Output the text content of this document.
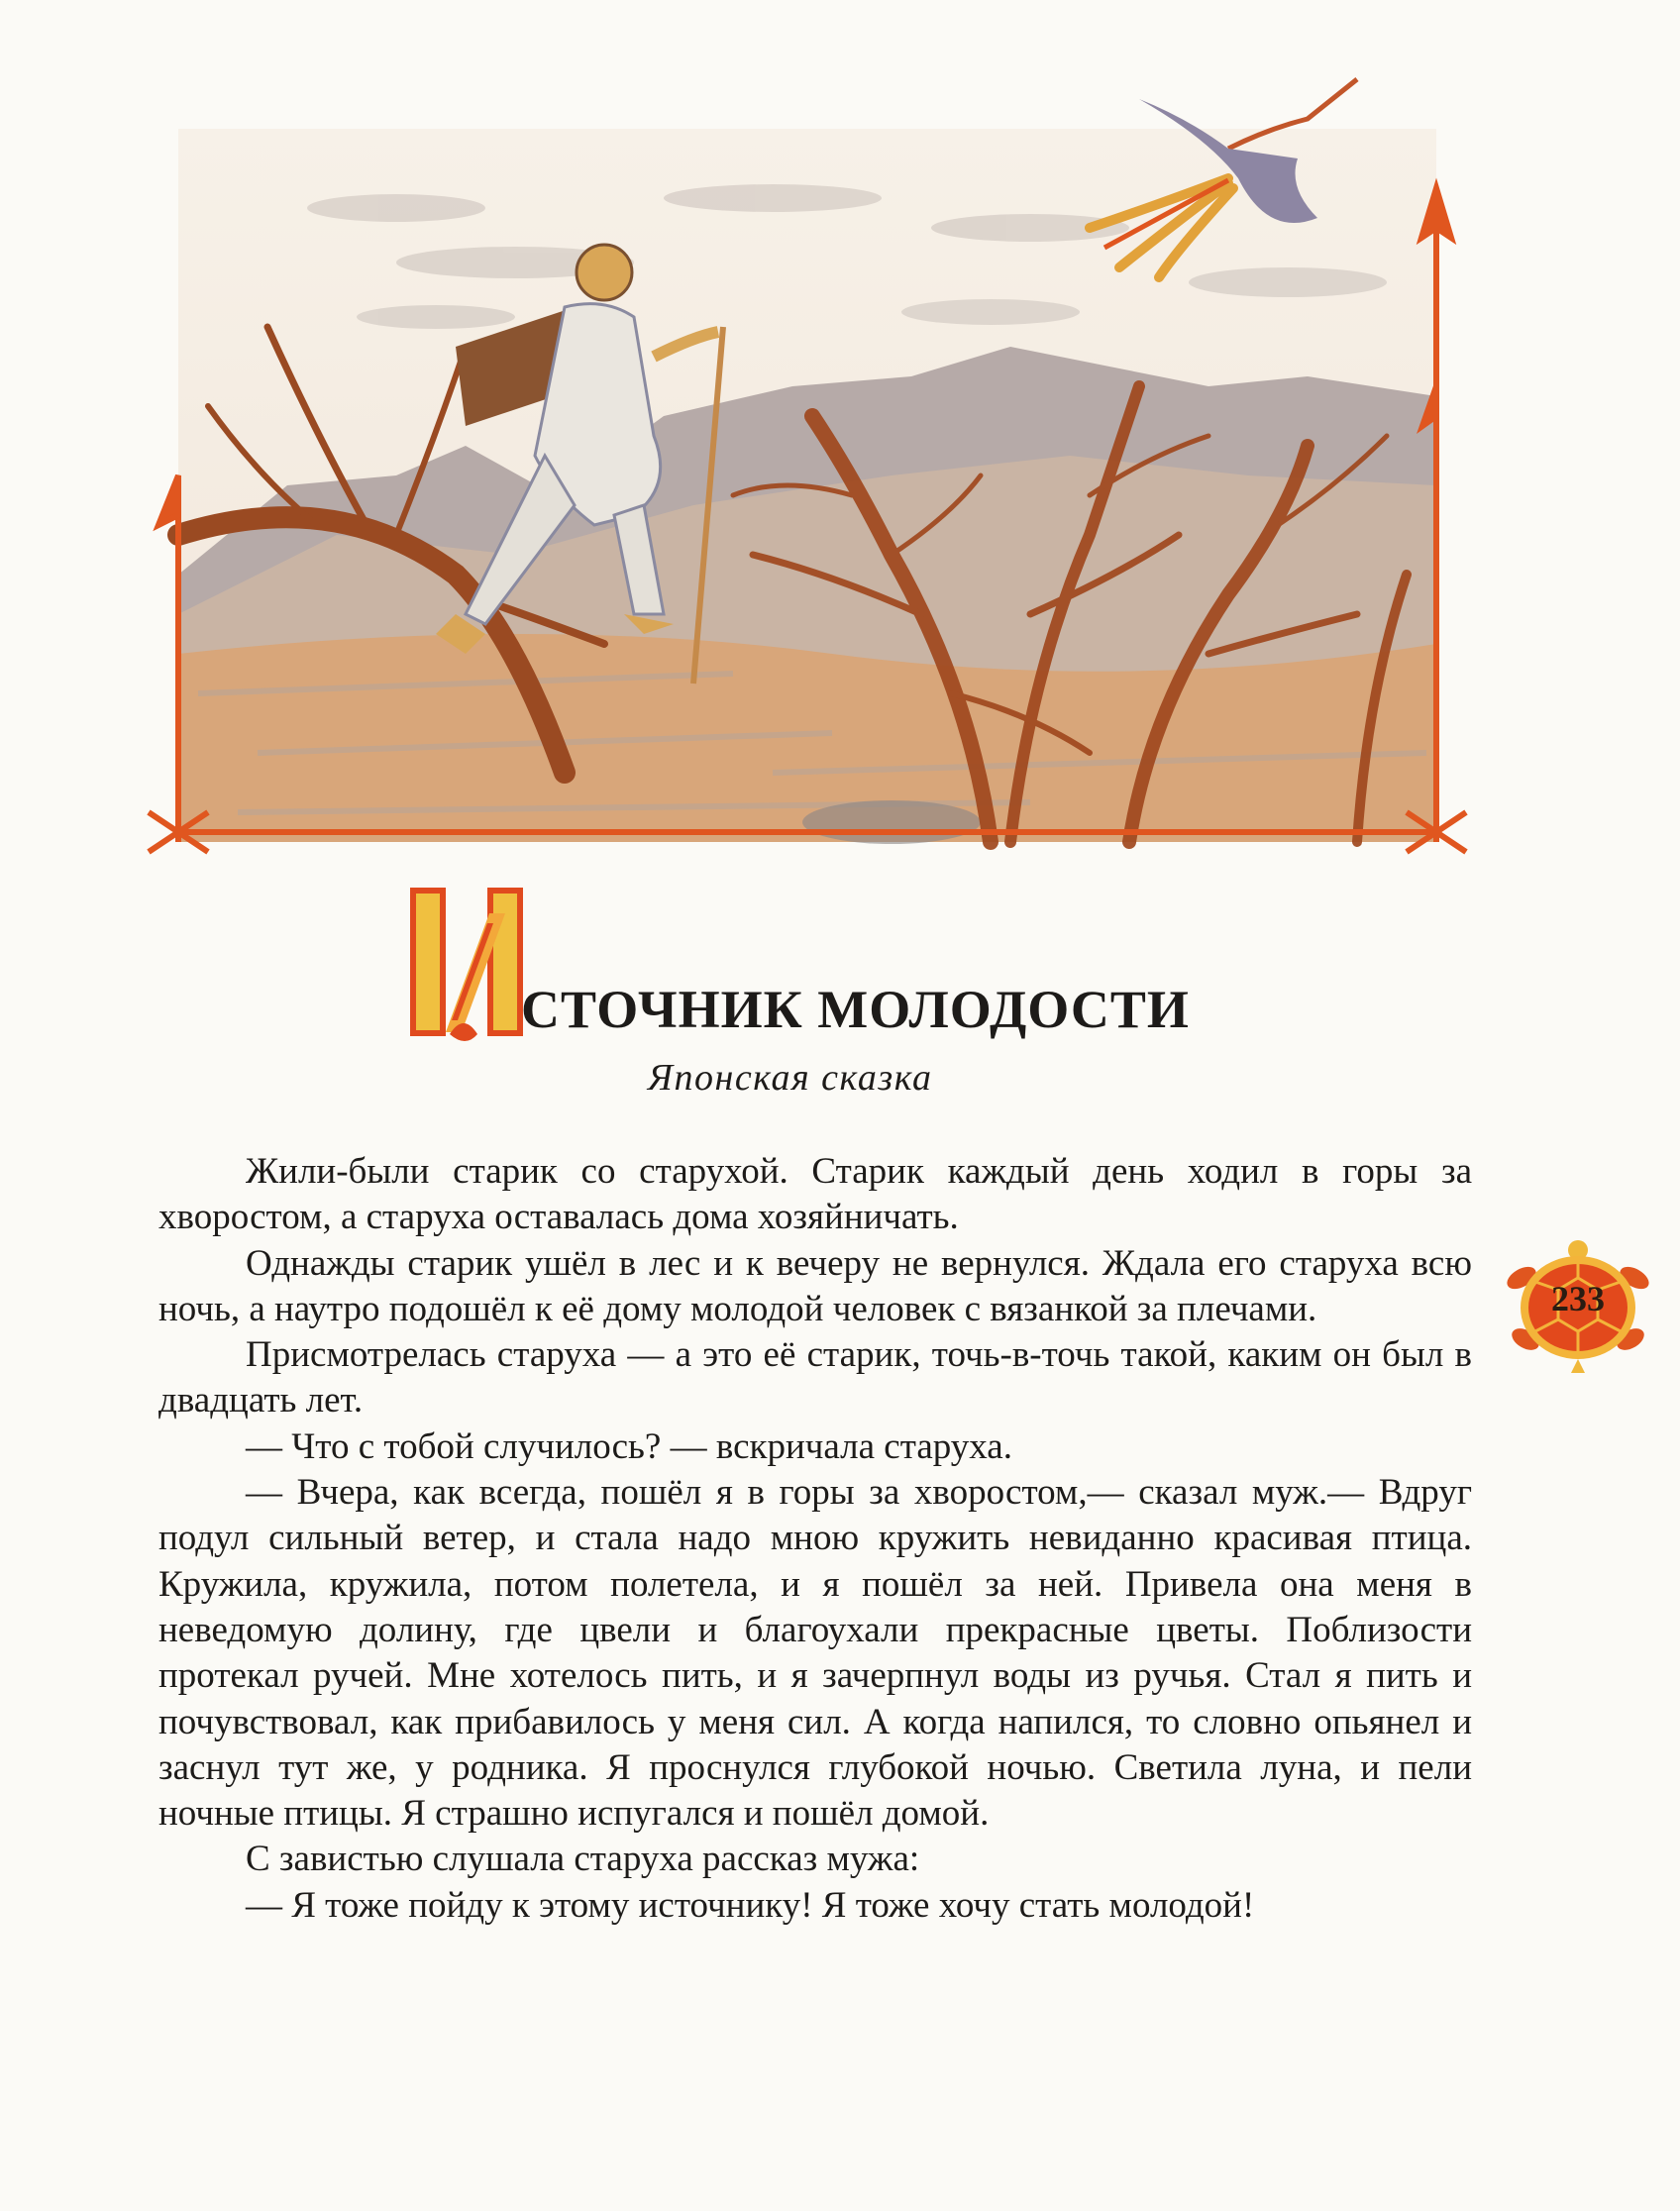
СТОЧНИК МОЛОДОСТИ

Японская сказка

Жили-были старик со старухой. Старик каждый день ходил в горы за хворостом, а старуха оставалась дома хозяйничать.

Однажды старик ушёл в лес и к вечеру не вернулся. Ждала его старуха всю ночь, а наутро подошёл к её дому молодой человек с вязанкой за плечами.

Присмотрелась старуха — а это её старик, точь-в-точь такой, каким он был в двадцать лет.

— Что с тобой случилось? — вскричала старуха.

— Вчера, как всегда, пошёл я в горы за хворостом,— сказал муж.— Вдруг подул сильный ветер, и стала надо мною кружить невиданно красивая птица. Кружила, кружила, потом полетела, и я пошёл за ней. Привела она меня в неведомую долину, где цвели и благоухали прекрасные цветы. Поблизости протекал ручей. Мне хотелось пить, и я зачерпнул воды из ручья. Стал я пить и почувствовал, как прибавилось у меня сил. А когда напился, то словно опьянел и заснул тут же, у родника. Я проснулся глубокой ночью. Светила луна, и пели ночные птицы. Я страшно испугался и пошёл домой.

С завистью слушала старуха рассказ мужа:

— Я тоже пойду к этому источнику! Я тоже хочу стать молодой!

233
